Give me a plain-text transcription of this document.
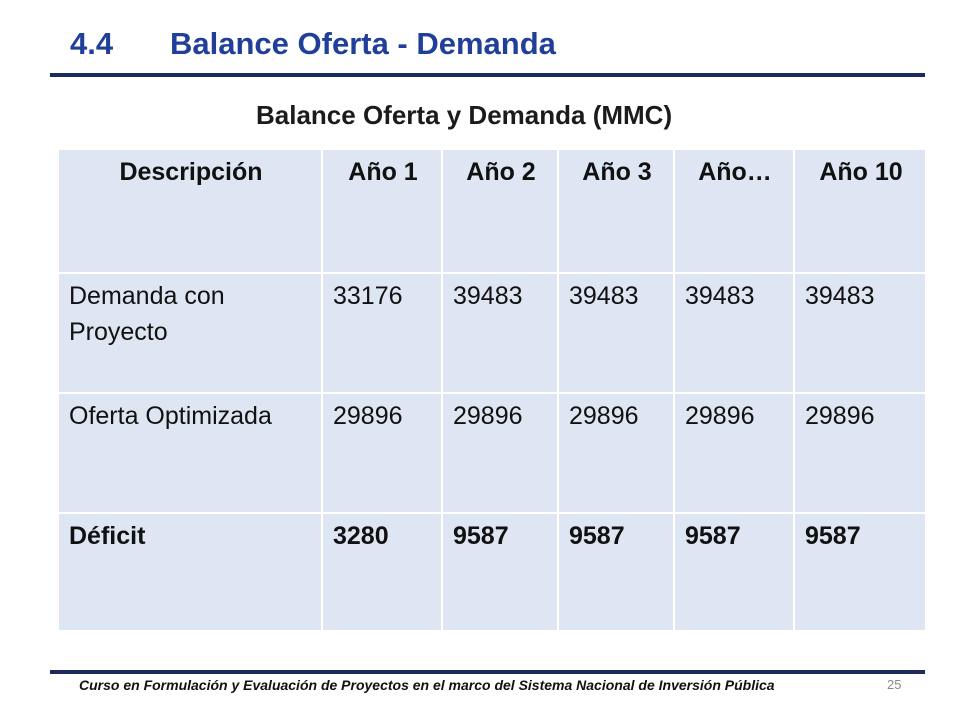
4.4	Balance Oferta - Demanda
Balance Oferta y Demanda (MMC)
Descripción	Año 1	Año 2	Año 3	Año…	Año 10
Demanda con Proyecto	33176	39483	39483	39483	39483
Oferta Optimizada	29896	29896	29896	29896	29896
Déficit	3280	9587	9587	9587	9587
Curso en Formulación y Evaluación de Proyectos en el marco del Sistema Nacional de Inversión Pública	25
